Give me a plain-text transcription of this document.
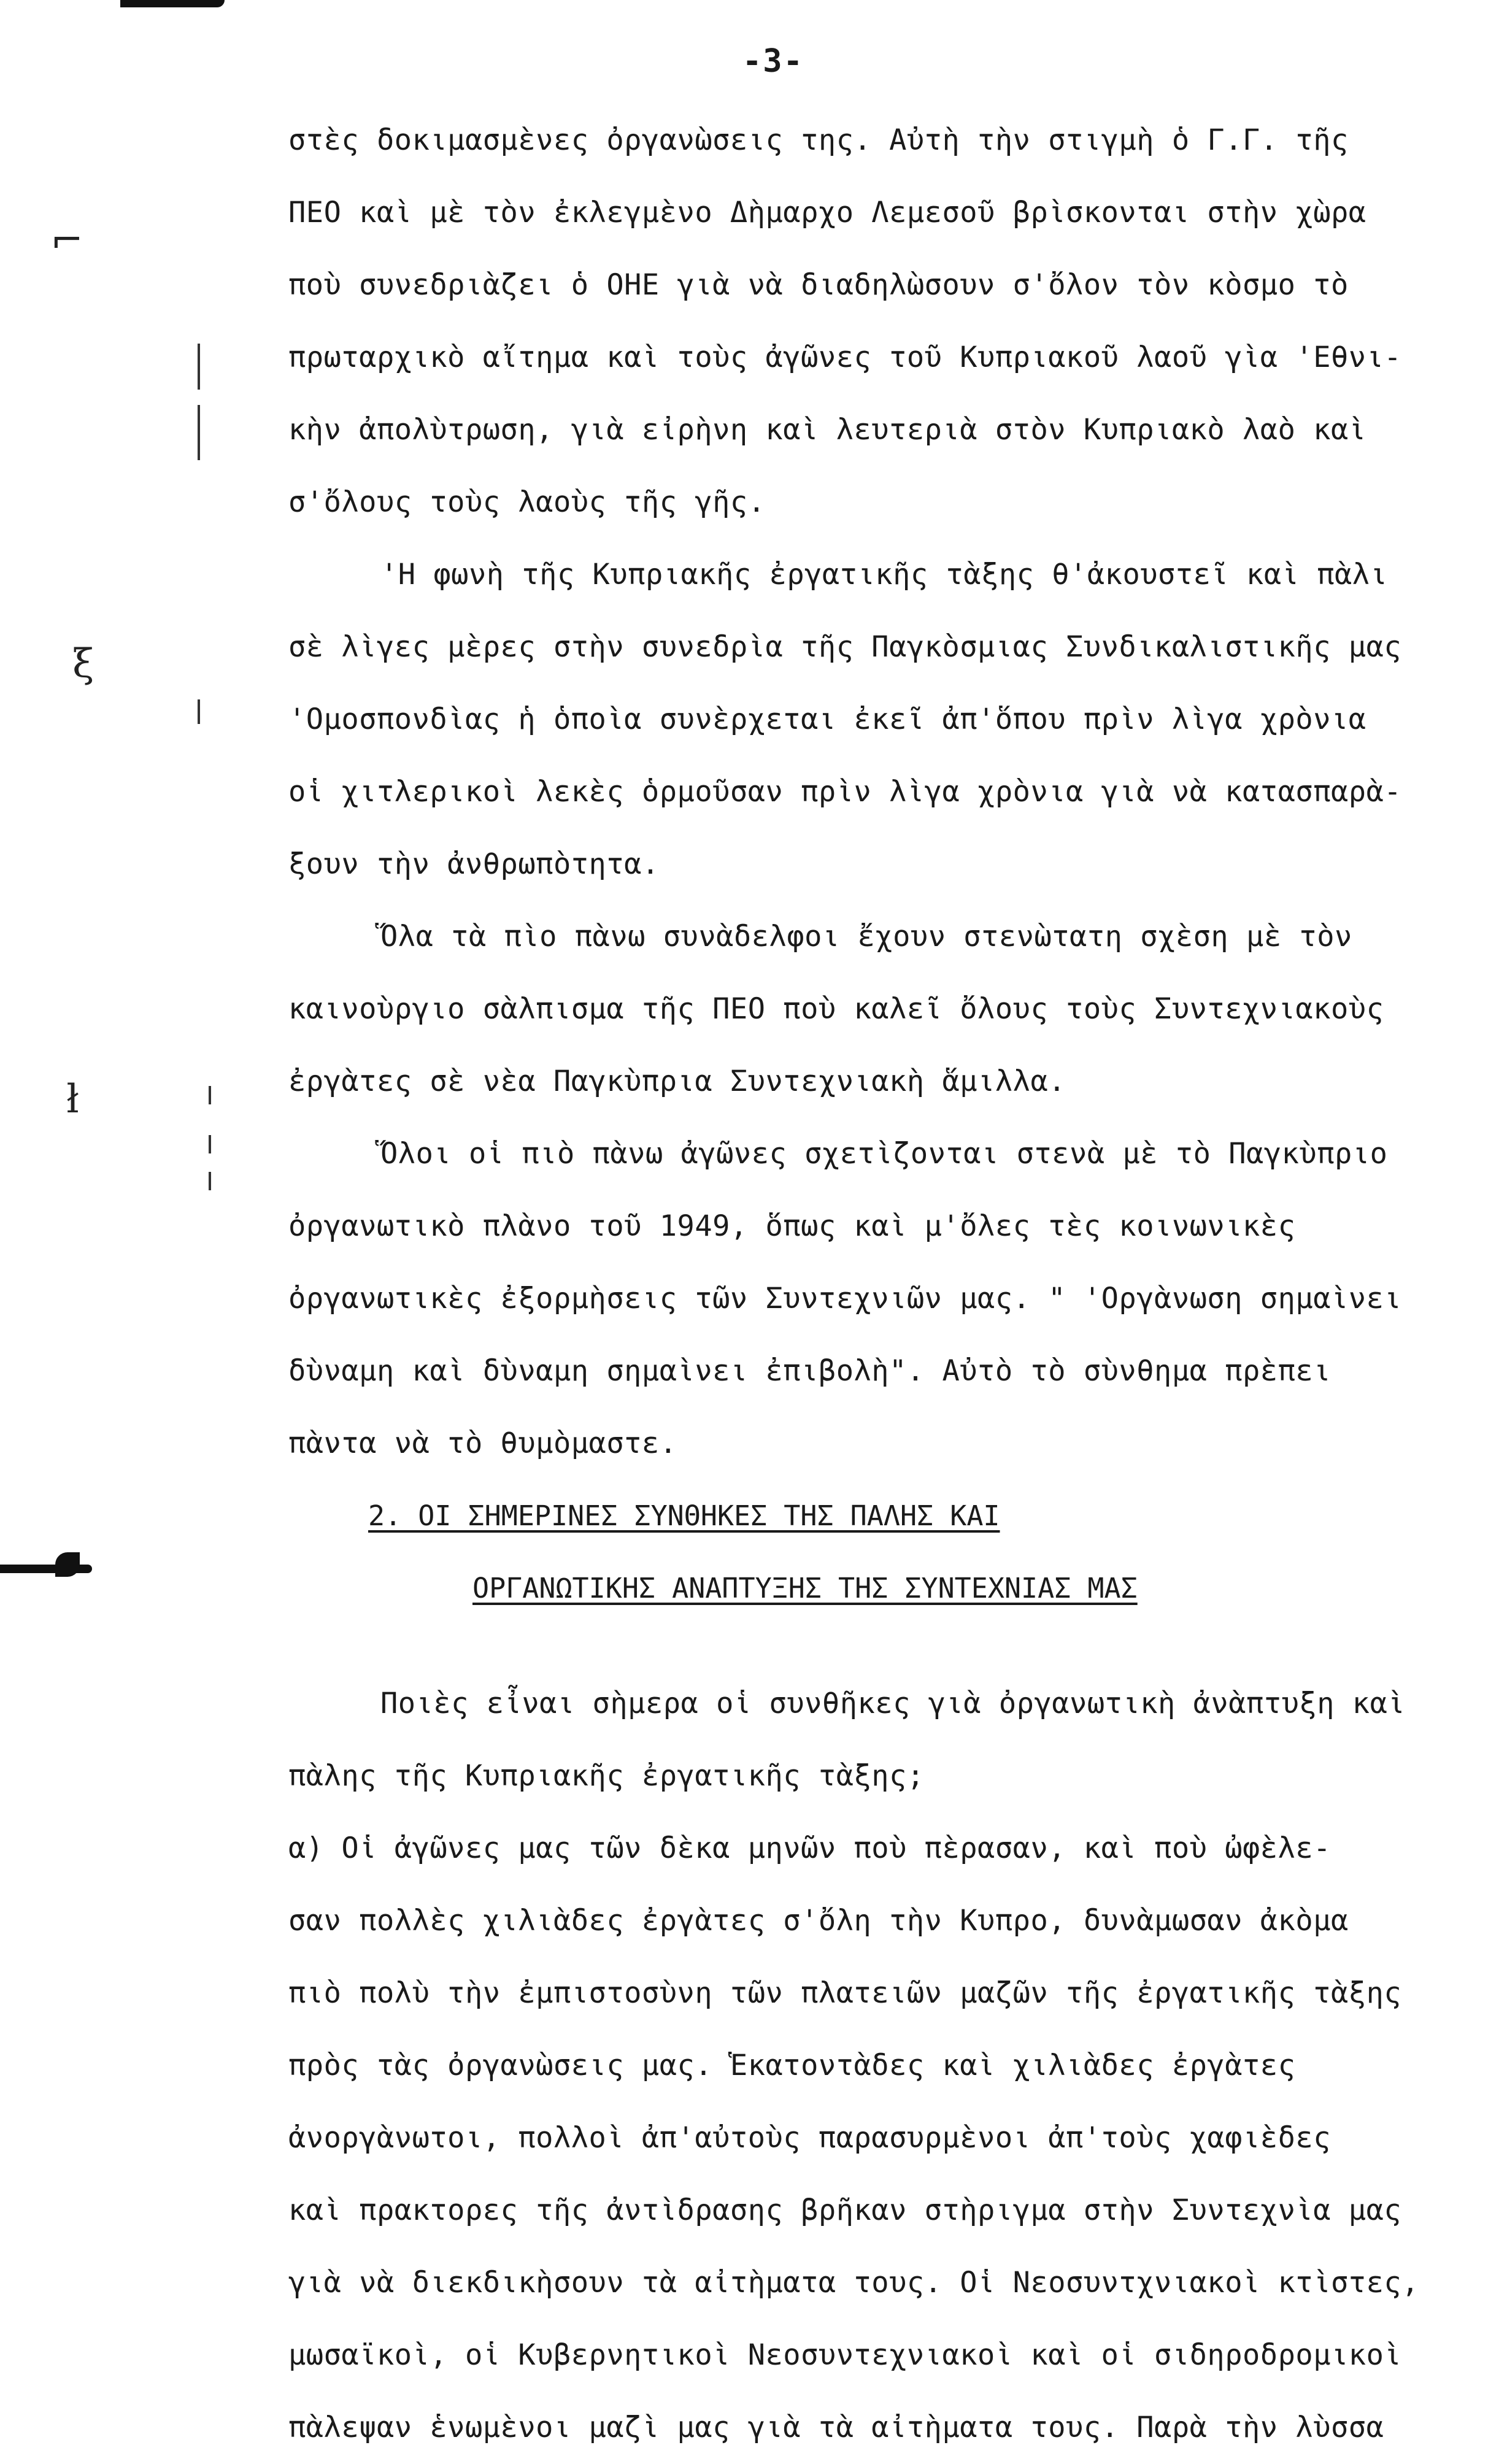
⌐
ξ
ł
-3-
στὲς δοκιμασμὲνες ὀργανὼσεις της. Αὐτὴ τὴν στιγμὴ ὁ Γ.Γ. τῆς
ΠΕΟ καὶ μὲ τὸν ἐκλεγμὲνο Δὴμαρχο Λεμεσοῦ βρὶσκονται στὴν χὼρα
ποὺ συνεδριὰζει ὁ ΟΗΕ γιὰ νὰ διαδηλὼσουν σ'ὄλον τὸν κὸσμο τὸ
πρωταρχικὸ αἴτημα καὶ τοὺς ἀγῶνες τοῦ Κυπριακοῦ λαοῦ γὶα 'Εθνι-
κὴν ἀπολὺτρωση, γιὰ εἰρὴνη καὶ λευτεριὰ στὸν Κυπριακὸ λαὸ καὶ
σ'ὄλους τοὺς λαοὺς τῆς γῆς.
'Η φωνὴ τῆς Κυπριακῆς ἐργατικῆς τὰξης θ'ἀκουστεῖ καὶ πὰλι
σὲ λὶγες μὲρες στὴν συνεδρὶα τῆς Παγκὸσμιας Συνδικαλιστικῆς μας
'Ομοσπονδὶας ἡ ὁποὶα συνὲρχεται ἐκεῖ ἀπ'ὅπου πρὶν λὶγα χρὸνια
οἱ χιτλερικοὶ λεκὲς ὁρμοῦσαν πρὶν λὶγα χρὸνια γιὰ νὰ κατασπαρὰ-
ξουν τὴν ἀνθρωπὸτητα.
Ὅλα τὰ πὶο πὰνω συνὰδελφοι ἔχουν στενὼτατη σχὲση μὲ τὸν
καινοὺργιο σὰλπισμα τῆς ΠΕΟ ποὺ καλεῖ ὄλους τοὺς Συντεχνιακοὺς
ἐργὰτες σὲ νὲα Παγκὺπρια Συντεχνιακὴ ἅμιλλα.
Ὅλοι οἱ πιὸ πὰνω ἀγῶνες σχετὶζονται στενὰ μὲ τὸ Παγκὺπριο
ὀργανωτικὸ πλὰνο τοῦ 1949, ὅπως καὶ μ'ὄλες τὲς κοινωνικὲς
ὀργανωτικὲς ἐξορμὴσεις τῶν Συντεχνιῶν μας. " 'Οργὰνωση σημαὶνει
δὺναμη καὶ δὺναμη σημαὶνει ἐπιβολὴ". Αὐτὸ τὸ σὺνθημα πρὲπει
πὰντα νὰ τὸ θυμὸμαστε.
2. ΟΙ ΣΗΜΕΡΙΝΕΣ ΣΥΝΘΗΚΕΣ ΤΗΣ ΠΑΛΗΣ ΚΑΙ
ΟΡΓΑΝΩΤΙΚΗΣ ΑΝΑΠΤΥΞΗΣ ΤΗΣ ΣΥΝΤΕΧΝΙΑΣ ΜΑΣ
Ποιὲς εἶναι σὴμερα οἱ συνθῆκες γιὰ ὀργανωτικὴ ἀνὰπτυξη καὶ
πὰλης τῆς Κυπριακῆς ἐργατικῆς τὰξης;
α) Οἱ ἀγῶνες μας τῶν δὲκα μηνῶν ποὺ πὲρασαν, καὶ ποὺ ὠφὲλε-
σαν πολλὲς χιλιὰδες ἐργὰτες σ'ὄλη τὴν Κυπρο, δυνὰμωσαν ἀκὸμα
πιὸ πολὺ τὴν ἐμπιστοσὺνη τῶν πλατειῶν μαζῶν τῆς ἐργατικῆς τὰξης
πρὸς τὰς ὀργανὼσεις μας. Ἑκατοντὰδες καὶ χιλιὰδες ἐργὰτες
ἀνοργὰνωτοι, πολλοὶ ἀπ'αὐτοὺς παρασυρμὲνοι ἀπ'τοὺς χαφιὲδες
καὶ πρακτορες τῆς ἀντὶδρασης βρῆκαν στὴριγμα στὴν Συντεχνὶα μας
γιὰ νὰ διεκδικὴσουν τὰ αἰτὴματα τους. Οἱ Νεοσυντχνιακοὶ κτὶστες,
μωσαϊκοὶ, οἱ Κυβερνητικοὶ Νεοσυντεχνιακοὶ καὶ οἱ σιδηροδρομικοὶ
πὰλεψαν ἑνωμὲνοι μαζὶ μας γιὰ τὰ αἰτὴματα τους. Παρὰ τὴν λὺσσα
